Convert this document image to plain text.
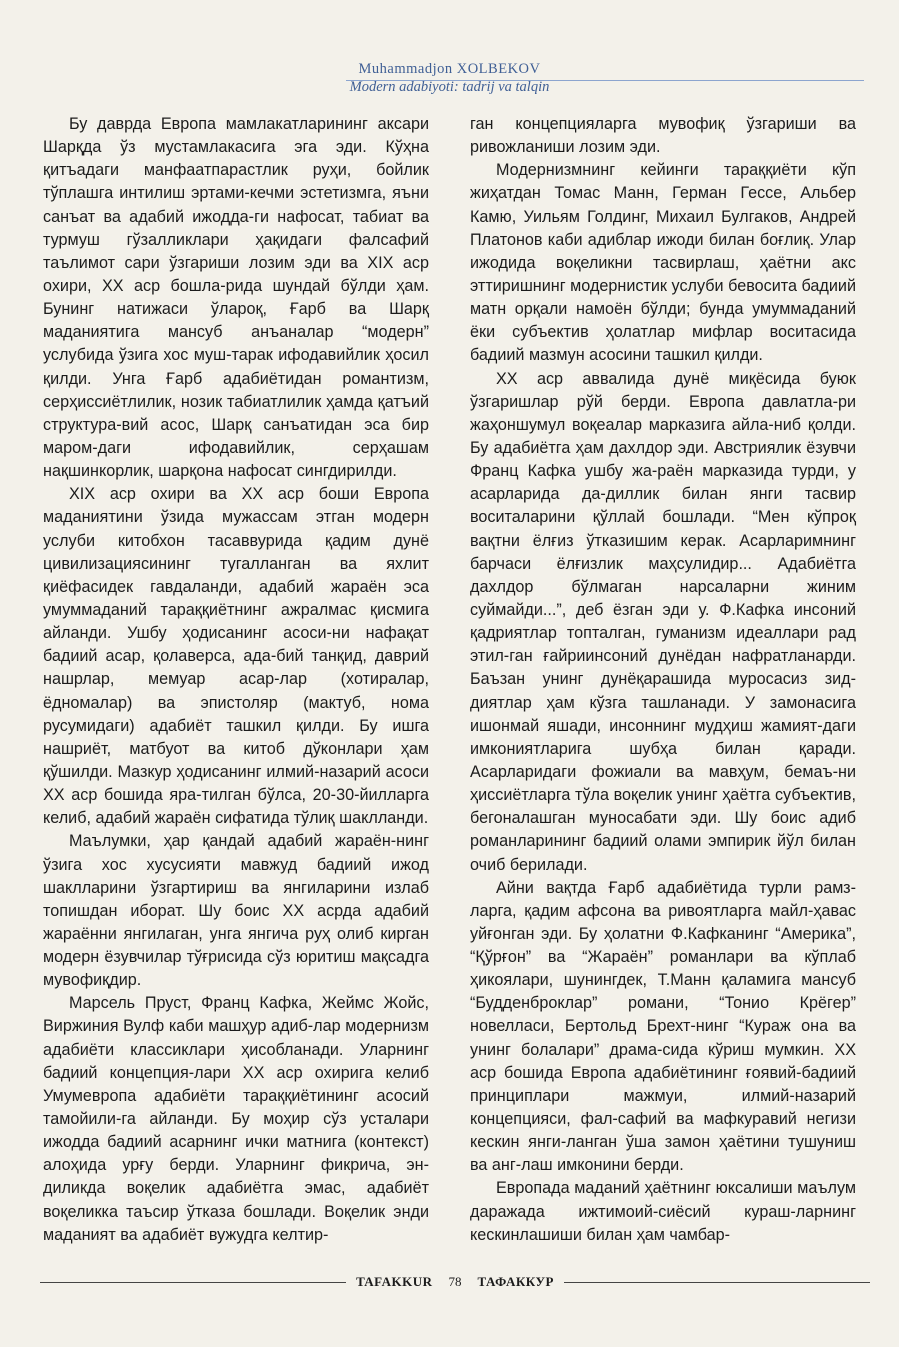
Muhammadjon XOLBEKOV
Modern adabiyoti: tadrij va talqin

Бу даврда Европа мамлакатларининг аксари Шарқда ўз мустамлакасига эга эди. Кўҳна қитъадаги манфаатпарастлик руҳи, бойлик тўплашга интилиш эртами-кечми эстетизмга, яъни санъат ва адабий ижодда-ги нафосат, табиат ва турмуш гўзалликлари ҳақидаги фалсафий таълимот сари ўзгариши лозим эди ва XIX аср охири, XX аср бошла-рида шундай бўлди ҳам. Бунинг натижаси ўлароқ, Ғарб ва Шарқ маданиятига мансуб анъаналар “модерн” услубида ўзига хос муш-тарак ифодавийлик ҳосил қилди. Унга Ғарб адабиётидан романтизм, серҳиссиётлилик, нозик табиатлилик ҳамда қатъий структура-вий асос, Шарқ санъатидан эса бир маром-даги ифодавийлик, серҳашам нақшинкорлик, шарқона нафосат сингдирилди.

XIX аср охири ва XX аср боши Европа маданиятини ўзида мужассам этган модерн услуби китобхон тасаввурида қадим дунё цивилизациясининг тугалланган ва яхлит қиёфасидек гавдаланди, адабий жараён эса умуммаданий тараққиётнинг ажралмас қисмига айланди. Ушбу ҳодисанинг асоси-ни нафақат бадиий асар, қолаверса, ада-бий танқид, даврий нашрлар, мемуар асар-лар (хотиралар, ёдномалар) ва эпистоляр (мактуб, нома русумидаги) адабиёт ташкил қилди. Бу ишга нашриёт, матбуот ва китоб дўконлари ҳам қўшилди. Мазкур ҳодисанинг илмий-назарий асоси XX аср бошида яра-тилган бўлса, 20-30-йилларга келиб, адабий жараён сифатида тўлиқ шаклланди.

Маълумки, ҳар қандай адабий жараён-нинг ўзига хос хусусияти мавжуд бадиий ижод шаклларини ўзгартириш ва янгиларини излаб топишдан иборат. Шу боис XX асрда адабий жараённи янгилаган, унга янгича руҳ олиб кирган модерн ёзувчилар тўғрисида сўз юритиш мақсадга мувофиқдир.

Марсель Пруст, Франц Кафка, Жеймс Жойс, Виржиния Вулф каби машҳур адиб-лар модернизм адабиёти классиклари ҳисобланади. Уларнинг бадиий концепция-лари XX аср охирига келиб Умумевропа адабиёти тараққиётининг асосий тамойили-га айланди. Бу моҳир сўз усталари ижодда бадиий асарнинг ички матнига (контекст) алоҳида урғу берди. Уларнинг фикрича, эн-диликда воқелик адабиётга эмас, адабиёт воқеликка таъсир ўтказа бошлади. Воқелик энди маданият ва адабиёт вужудга келтир-

ган концепцияларга мувофиқ ўзгариши ва ривожланиши лозим эди.

Модернизмнинг кейинги тараққиёти кўп жиҳатдан Томас Манн, Герман Гессе, Альбер Камю, Уильям Голдинг, Михаил Булгаков, Андрей Платонов каби адиблар ижоди билан боғлиқ. Улар ижодида воқеликни тасвирлаш, ҳаётни акс эттиришнинг модернистик услуби бевосита бадиий матн орқали намоён бўлди; бунда умуммаданий ёки субъектив ҳолатлар мифлар воситасида бадиий мазмун асосини ташкил қилди.

XX аср аввалида дунё миқёсида буюк ўзгаришлар рўй берди. Европа давлатла-ри жаҳоншумул воқеалар марказига айла-ниб қолди. Бу адабиётга ҳам дахлдор эди. Австриялик ёзувчи Франц Кафка ушбу жа-раён марказида турди, у асарларида да-диллик билан янги тасвир воситаларини қўллай бошлади. “Мен кўпроқ вақтни ёлғиз ўтказишим керак. Асарларимнинг барчаси ёлғизлик маҳсулидир... Адабиётга дахлдор бўлмаган нарсаларни жиним суймайди...”, деб ёзган эди у. Ф.Кафка инсоний қадриятлар топталган, гуманизм идеаллари рад этил-ган ғайриинсоний дунёдан нафратланарди. Баъзан унинг дунёқарашида муросасиз зид-диятлар ҳам кўзга ташланади. У замонасига ишонмай яшади, инсоннинг мудҳиш жамият-даги имкониятларига шубҳа билан қаради. Асарларидаги фожиали ва мавҳум, бемаъ-ни ҳиссиётларга тўла воқелик унинг ҳаётга субъектив, бегоналашган муносабати эди. Шу боис адиб романларининг бадиий олами эмпирик йўл билан очиб берилади.

Айни вақтда Ғарб адабиётида турли рамз-ларга, қадим афсона ва ривоятларга майл-ҳавас уйғонган эди. Бу ҳолатни Ф.Кафканинг “Америка”, “Қўрғон” ва “Жараён” романлари ва кўплаб ҳикоялари, шунингдек, Т.Манн қаламига мансуб “Будденброклар” романи, “Тонио Крёгер” новелласи, Бертольд Брехт-нинг “Кураж она ва унинг болалари” драма-сида кўриш мумкин. XX аср бошида Европа адабиётининг ғоявий-бадиий принциплари мажмуи, илмий-назарий концепцияси, фал-сафий ва мафкуравий негизи кескин янги-ланган ўша замон ҳаётини тушуниш ва анг-лаш имконини берди.

Европада маданий ҳаётнинг юксалиши маълум даражада ижтимоий-сиёсий кураш-ларнинг кескинлашиши билан ҳам чамбар-

TAFAKKUR	78	ТАФАККУР
